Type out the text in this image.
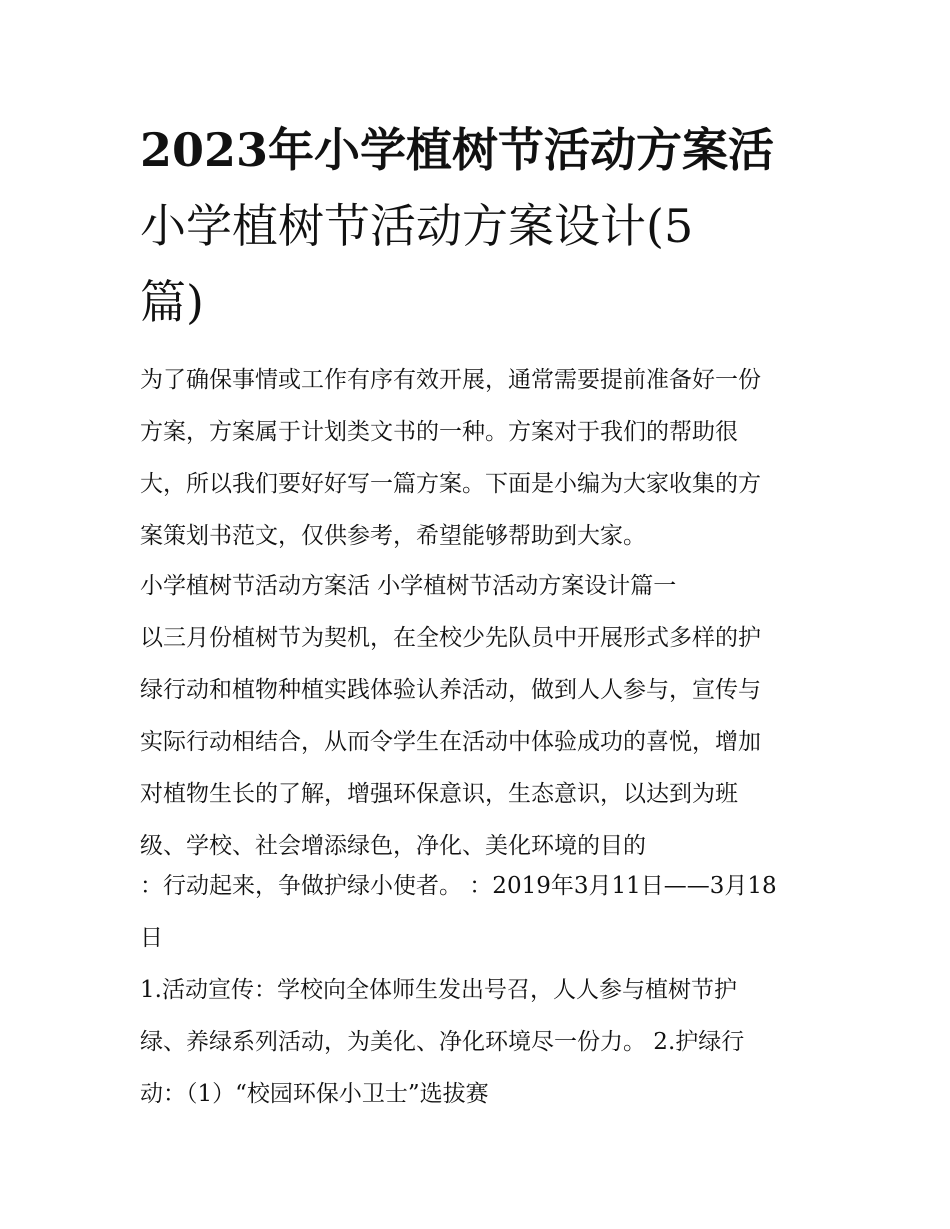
2023年小学植树节活动方案活
小学植树节活动方案设计(5
篇)
为了确保事情或工作有序有效开展，通常需要提前准备好一份
方案，方案属于计划类文书的一种。方案对于我们的帮助很
大，所以我们要好好写一篇方案。下面是小编为大家收集的方
案策划书范文，仅供参考，希望能够帮助到大家。
小学植树节活动方案活 小学植树节活动方案设计篇一
以三月份植树节为契机，在全校少先队员中开展形式多样的护
绿行动和植物种植实践体验认养活动，做到人人参与，宣传与
实际行动相结合，从而令学生在活动中体验成功的喜悦，增加
对植物生长的了解，增强环保意识，生态意识，以达到为班
级、学校、社会增添绿色，净化、美化环境的目的
：行动起来，争做护绿小使者。 ：2019年3月11日——3月18
日
1.活动宣传：学校向全体师生发出号召，人人参与植树节护
绿、养绿系列活动，为美化、净化环境尽一份力。 2.护绿行
动：（1）“校园环保小卫士”选拔赛
